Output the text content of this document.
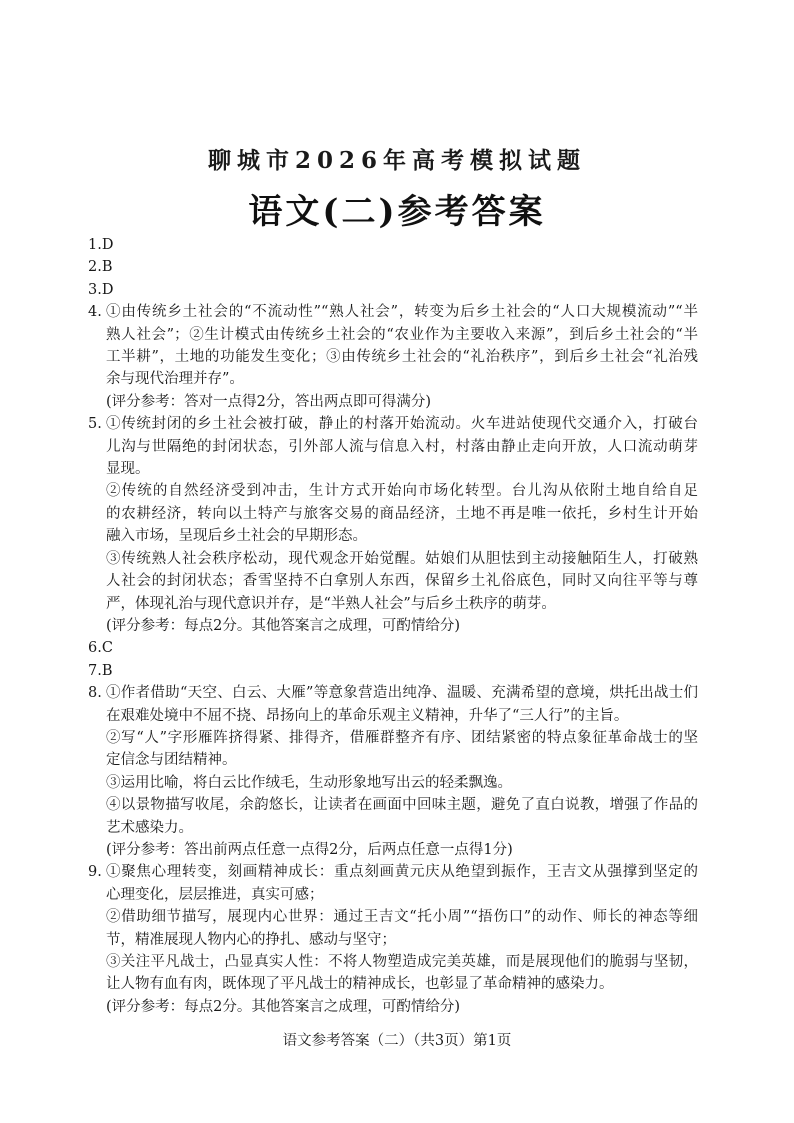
聊城市2026年高考模拟试题
语文(二)参考答案
1.D
2.B
3.D
4. ①由传统乡土社会的“不流动性”“熟人社会”，转变为后乡土社会的“人口大规模流动”“半
熟人社会”；②生计模式由传统乡土社会的“农业作为主要收入来源”，到后乡土社会的“半
工半耕”，土地的功能发生变化；③由传统乡土社会的“礼治秩序”，到后乡土社会“礼治残
余与现代治理并存”。
(评分参考：答对一点得2分，答出两点即可得满分)
5. ①传统封闭的乡土社会被打破，静止的村落开始流动。火车进站使现代交通介入，打破台
儿沟与世隔绝的封闭状态，引外部人流与信息入村，村落由静止走向开放，人口流动萌芽
显现。
②传统的自然经济受到冲击，生计方式开始向市场化转型。台儿沟从依附土地自给自足
的农耕经济，转向以土特产与旅客交易的商品经济，土地不再是唯一依托，乡村生计开始
融入市场，呈现后乡土社会的早期形态。
③传统熟人社会秩序松动，现代观念开始觉醒。姑娘们从胆怯到主动接触陌生人，打破熟
人社会的封闭状态；香雪坚持不白拿别人东西，保留乡土礼俗底色，同时又向往平等与尊
严，体现礼治与现代意识并存，是“半熟人社会”与后乡土秩序的萌芽。
(评分参考：每点2分。其他答案言之成理，可酌情给分)
6.C
7.B
8. ①作者借助“天空、白云、大雁”等意象营造出纯净、温暖、充满希望的意境，烘托出战士们
在艰难处境中不屈不挠、昂扬向上的革命乐观主义精神，升华了“三人行”的主旨。
②写“人”字形雁阵挤得紧、排得齐，借雁群整齐有序、团结紧密的特点象征革命战士的坚
定信念与团结精神。
③运用比喻，将白云比作绒毛，生动形象地写出云的轻柔飘逸。
④以景物描写收尾，余韵悠长，让读者在画面中回味主题，避免了直白说教，增强了作品的
艺术感染力。
(评分参考：答出前两点任意一点得2分，后两点任意一点得1分)
9. ①聚焦心理转变，刻画精神成长：重点刻画黄元庆从绝望到振作，王吉文从强撑到坚定的
心理变化，层层推进，真实可感；
②借助细节描写，展现内心世界：通过王吉文“托小周”“捂伤口”的动作、师长的神态等细
节，精准展现人物内心的挣扎、感动与坚守；
③关注平凡战士，凸显真实人性：不将人物塑造成完美英雄，而是展现他们的脆弱与坚韧，
让人物有血有肉，既体现了平凡战士的精神成长，也彰显了革命精神的感染力。
(评分参考：每点2分。其他答案言之成理，可酌情给分)
语文参考答案（二）（共3页）第1页
